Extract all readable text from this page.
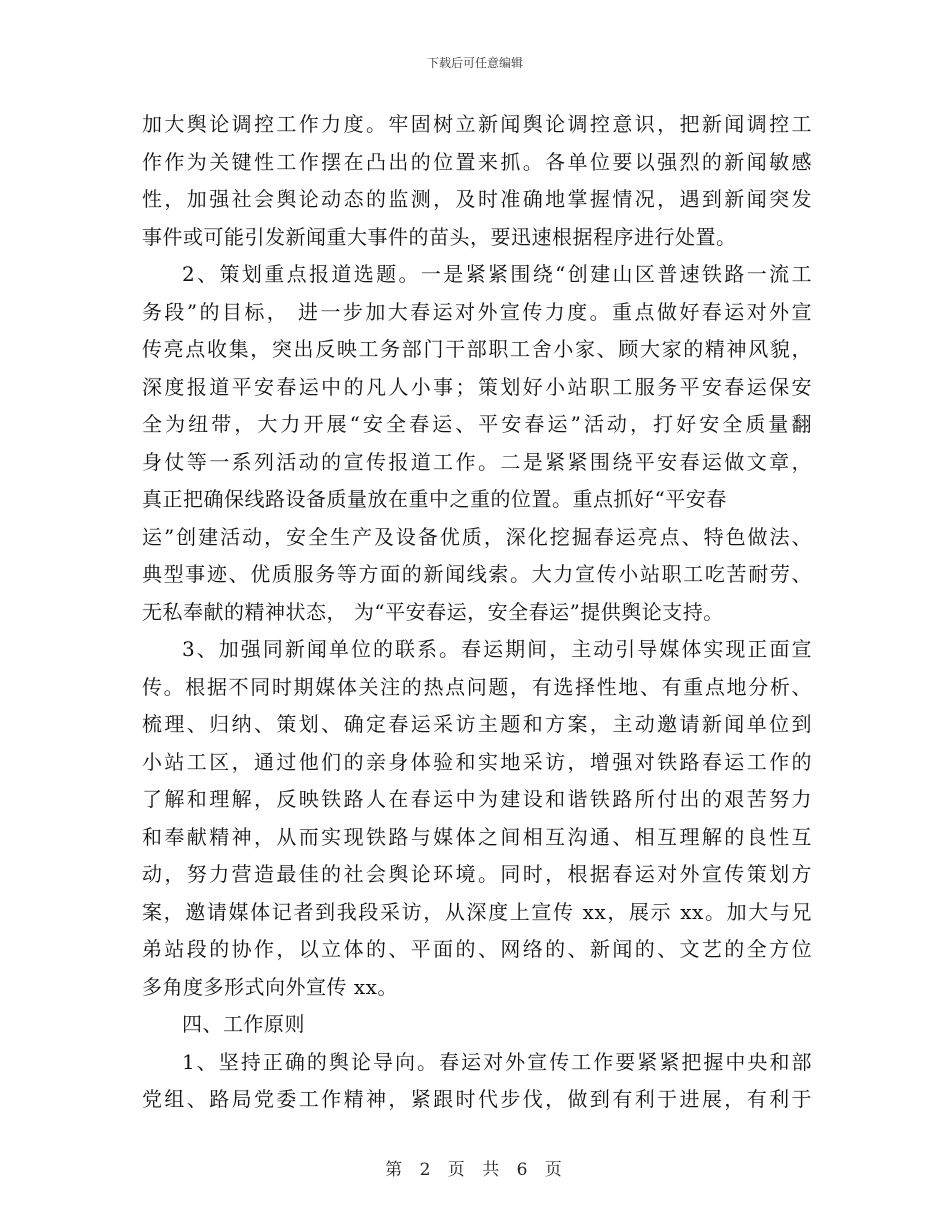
下载后可任意编辑
加大舆论调控工作力度。牢固树立新闻舆论调控意识，把新闻调控工
作作为关键性工作摆在凸出的位置来抓。各单位要以强烈的新闻敏感
性，加强社会舆论动态的监测，及时准确地掌握情况，遇到新闻突发
事件或可能引发新闻重大事件的苗头，要迅速根据程序进行处置。
2、策划重点报道选题。一是紧紧围绕“创建山区普速铁路一流工
务段”的目标， 进一步加大春运对外宣传力度。重点做好春运对外宣
传亮点收集，突出反映工务部门干部职工舍小家、顾大家的精神风貌，
深度报道平安春运中的凡人小事；策划好小站职工服务平安春运保安
全为纽带，大力开展“安全春运、平安春运”活动，打好安全质量翻
身仗等一系列活动的宣传报道工作。二是紧紧围绕平安春运做文章，
真正把确保线路设备质量放在重中之重的位置。重点抓好“平安春
运”创建活动，安全生产及设备优质，深化挖掘春运亮点、特色做法、
典型事迹、优质服务等方面的新闻线索。大力宣传小站职工吃苦耐劳、
无私奉献的精神状态， 为“平安春运，安全春运”提供舆论支持。
3、加强同新闻单位的联系。春运期间，主动引导媒体实现正面宣
传。根据不同时期媒体关注的热点问题，有选择性地、有重点地分析、
梳理、归纳、策划、确定春运采访主题和方案，主动邀请新闻单位到
小站工区，通过他们的亲身体验和实地采访，增强对铁路春运工作的
了解和理解，反映铁路人在春运中为建设和谐铁路所付出的艰苦努力
和奉献精神，从而实现铁路与媒体之间相互沟通、相互理解的良性互
动，努力营造最佳的社会舆论环境。同时，根据春运对外宣传策划方
案，邀请媒体记者到我段采访，从深度上宣传 xx，展示 xx。加大与兄
弟站段的协作，以立体的、平面的、网络的、新闻的、文艺的全方位
多角度多形式向外宣传 xx。
四、工作原则
1、坚持正确的舆论导向。春运对外宣传工作要紧紧把握中央和部
党组、路局党委工作精神，紧跟时代步伐，做到有利于进展，有利于
第 2 页 共 6 页
